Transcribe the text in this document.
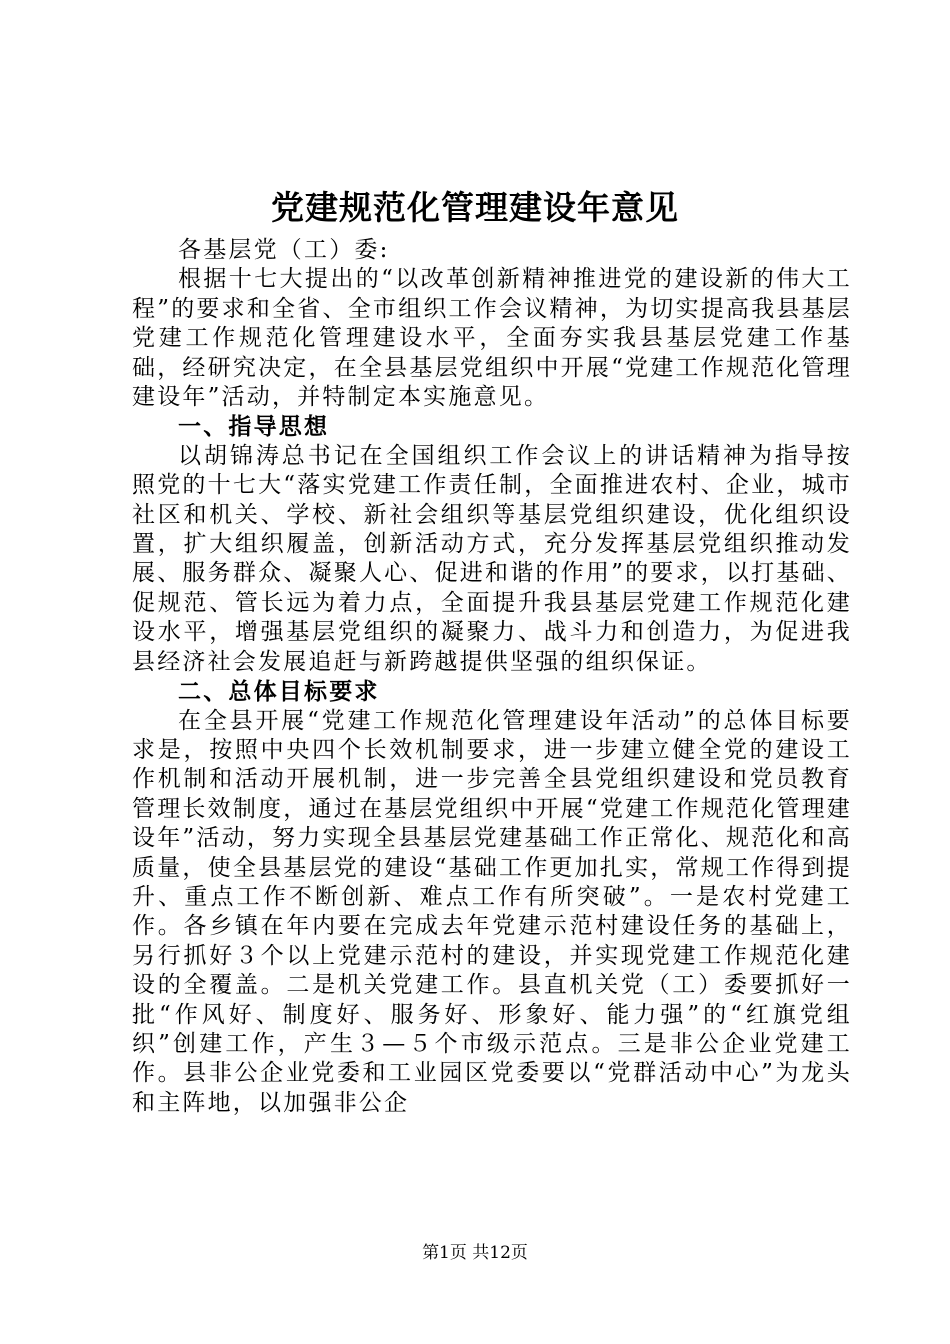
党建规范化管理建设年意见

各基层党（工）委:

根据十七大提出的“以改革创新精神推进党的建设新的伟大工程”的要求和全省、全市组织工作会议精神，为切实提高我县基层党建工作规范化管理建设水平，全面夯实我县基层党建工作基础，经研究决定，在全县基层党组织中开展“党建工作规范化管理建设年”活动，并特制定本实施意见。

一、指导思想

以胡锦涛总书记在全国组织工作会议上的讲话精神为指导按照党的十七大“落实党建工作责任制，全面推进农村、企业，城市社区和机关、学校、新社会组织等基层党组织建设，优化组织设置，扩大组织履盖，创新活动方式，充分发挥基层党组织推动发展、服务群众、凝聚人心、促进和谐的作用”的要求，以打基础、促规范、管长远为着力点，全面提升我县基层党建工作规范化建设水平，增强基层党组织的凝聚力、战斗力和创造力，为促进我县经济社会发展追赶与新跨越提供坚强的组织保证。

二、总体目标要求

在全县开展“党建工作规范化管理建设年活动”的总体目标要求是，按照中央四个长效机制要求，进一步建立健全党的建设工作机制和活动开展机制，进一步完善全县党组织建设和党员教育管理长效制度，通过在基层党组织中开展“党建工作规范化管理建设年”活动，努力实现全县基层党建基础工作正常化、规范化和高质量，使全县基层党的建设“基础工作更加扎实，常规工作得到提升、重点工作不断创新、难点工作有所突破”。一是农村党建工作。各乡镇在年内要在完成去年党建示范村建设任务的基础上，另行抓好３个以上党建示范村的建设，并实现党建工作规范化建设的全覆盖。二是机关党建工作。县直机关党（工）委要抓好一批“作风好、制度好、服务好、形象好、能力强”的“红旗党组织”创建工作，产生３—５个市级示范点。三是非公企业党建工作。县非公企业党委和工业园区党委要以“党群活动中心”为龙头和主阵地，以加强非公企

第1页 共12页
